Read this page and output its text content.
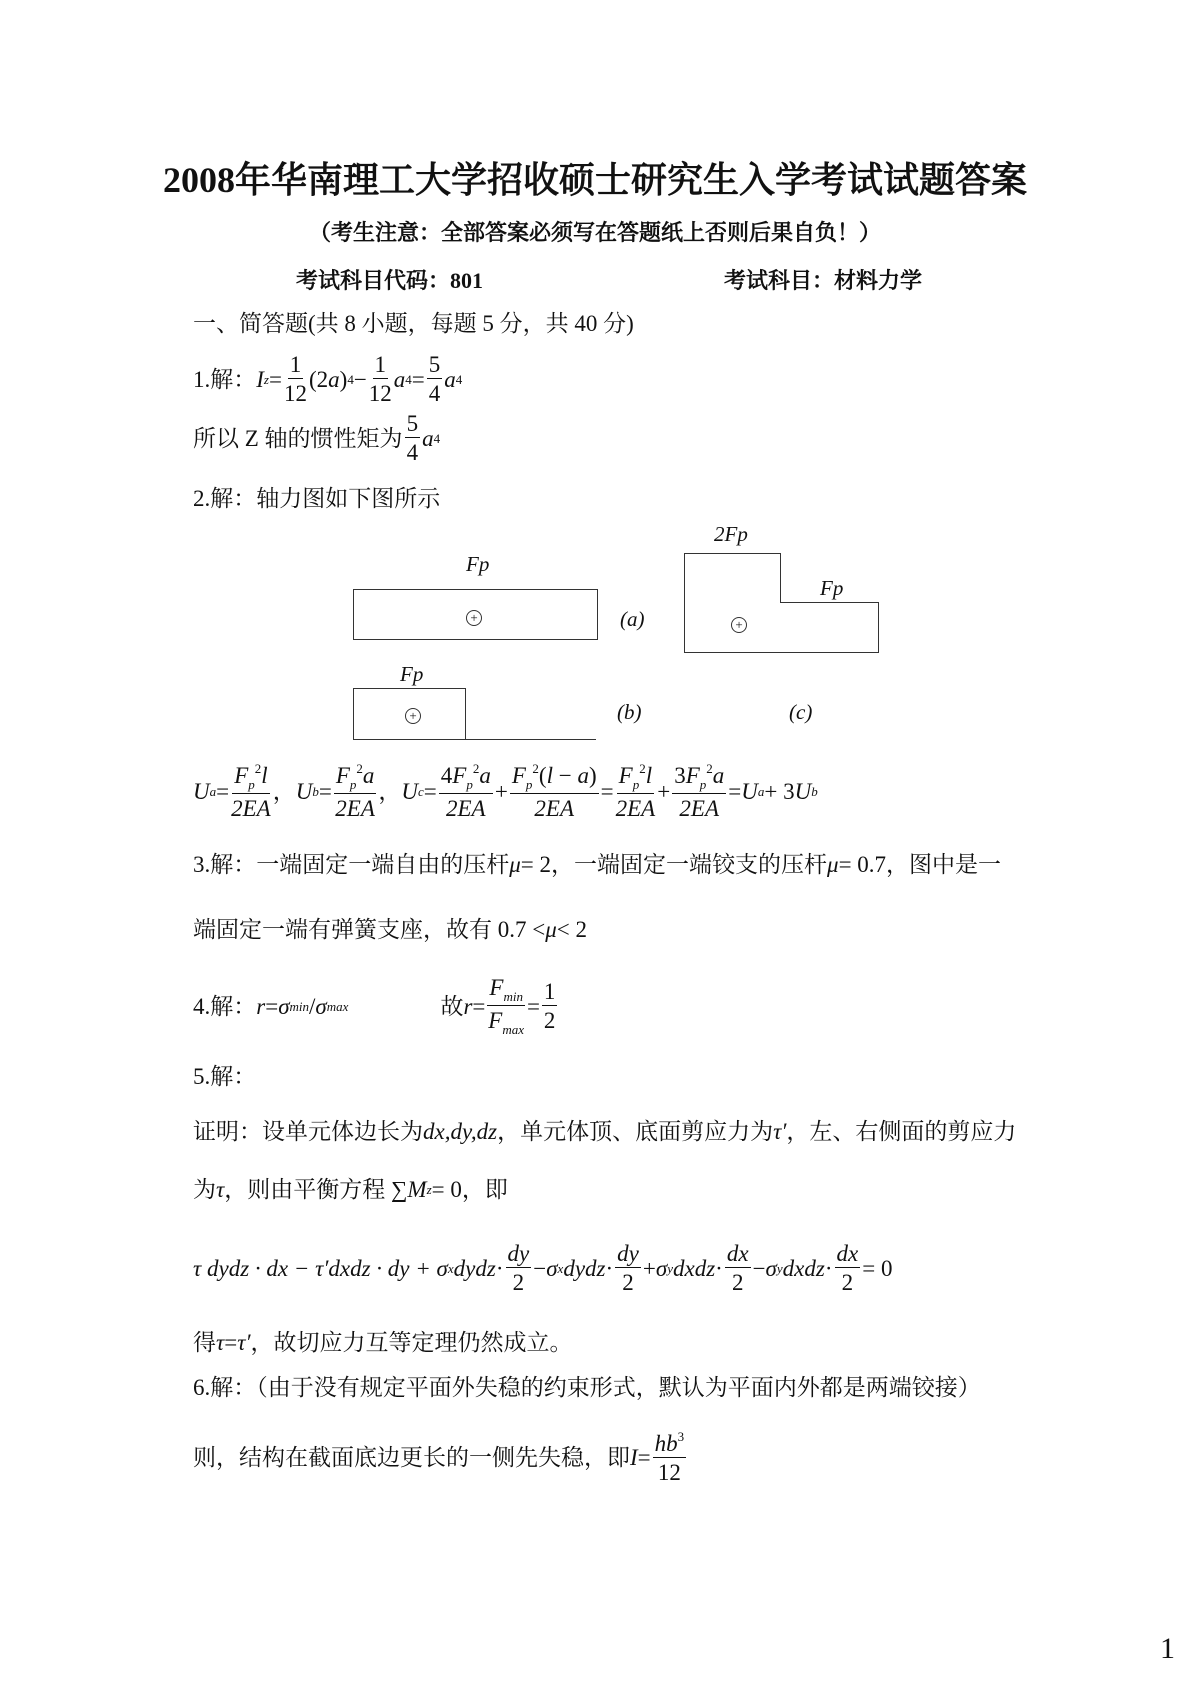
2008年华南理工大学招收硕士研究生入学考试试题答案
（考生注意：全部答案必须写在答题纸上否则后果自负！）
考试科目代码：801	考试科目：材料力学
一、简答题(共 8 小题，每题 5 分，共 40 分)
1.解： I $z = \frac{1}{12} (2$ a ) $4 - \frac{1}{12}$ a $4 = \frac{5}{4}$ a 4
所以 Z 轴的惯性矩为 $\frac{5}{4}$ a 4
2.解：轴力图如下图所示
Fp
+	(a)
2Fp
Fp
+
Fp
+	(b)	(c)
U $a = \frac{F_p^2l}{2EA}$ ， U $b = \frac{F_p^2a}{2EA}$ ， U $c = \frac{4F_p^2a}{2EA} + \frac{F_p^2(l - a)}{2EA} = \frac{F_p^2l}{2EA} + \frac{3F_p^2a}{2EA} = U$ a + 3 U b
3.解：一端固定一端自由的压杆 μ = 2，一端固定一端铰支的压杆 μ = 0.7，图中是一
端固定一端有弹簧支座，故有 0.7 < μ < 2
4.解： r = σ min / σ max 　　　　故 $r = \frac{F_{min}}{F_{max}} = \frac{1}{2}$
5.解：
证明：设单元体边长为 dx,dy,dz ，单元体顶、底面剪应力为 τ′ ，左、右侧面的剪应力
为 τ ，则由平衡方程 ∑ M z = 0，即
τ dydz · dx − τ′dxdz · dy + σ x dydz · $\frac{dy}{2} - \sigma$ x dydz · $\frac{dy}{2} + \sigma$ y dxdz · $\frac{dx}{2} - \sigma$ y dxdz · $\frac{dx}{2} = 0$
得 τ = τ′ ，故切应力互等定理仍然成立。
6.解：（由于没有规定平面外失稳的约束形式，默认为平面内外都是两端铰接）
则，结构在截面底边更长的一侧先失稳，即 $I = \frac{hb^3}{12}$
1
